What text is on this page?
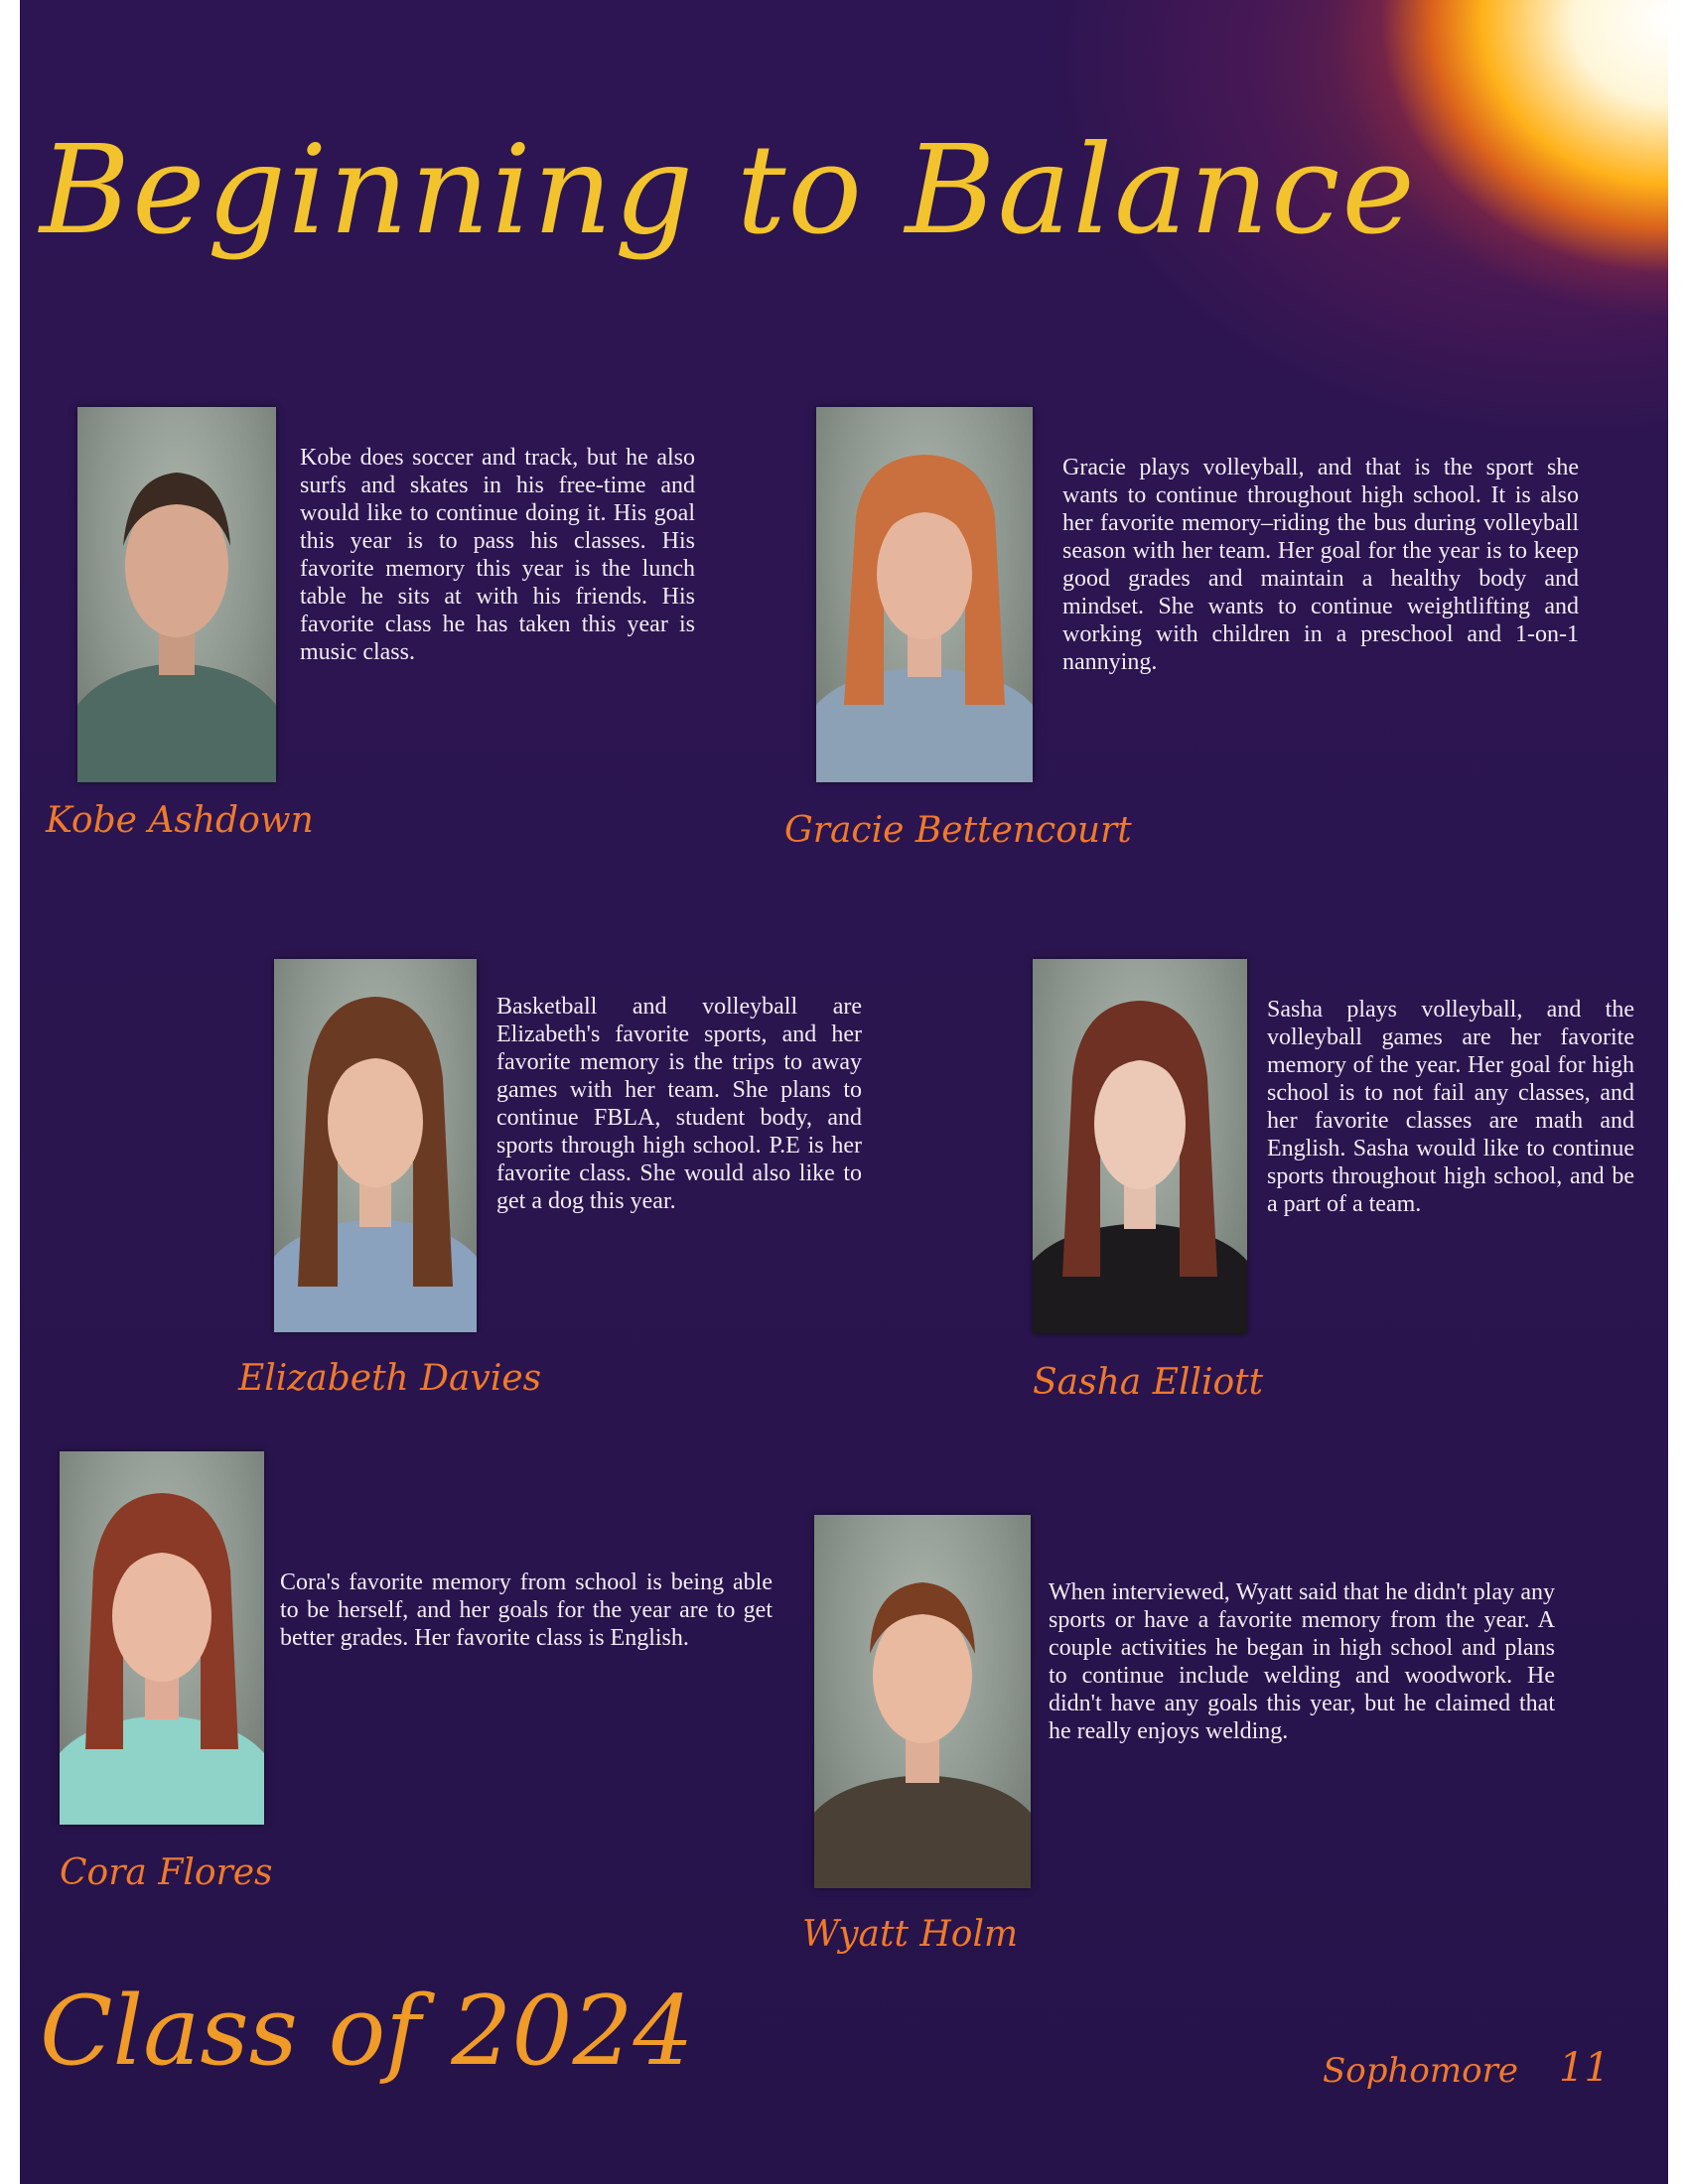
Beginning to Balance
Kobe does soccer and track, but he also surfs and skates in his free-time and would like to continue doing it. His goal this year is to pass his classes. His favorite memory this year is the lunch table he sits at with his friends. His favorite class he has taken this year is music class.
Kobe Ashdown
Gracie plays volleyball, and that is the sport she wants to continue throughout high school. It is also her favorite memory–riding the bus during volleyball season with her team. Her goal for the year is to keep good grades and maintain a healthy body and mindset. She wants to continue weightlifting and working with children in a preschool and 1-on-1 nannying.
Gracie Bettencourt
Basketball and volleyball are Elizabeth's favorite sports, and her favorite memory is the trips to away games with her team. She plans to continue FBLA, student body, and sports through high school. P.E is her favorite class. She would also like to get a dog this year.
Elizabeth Davies
Sasha plays volleyball, and the volleyball games are her favorite memory of the year. Her goal for high school is to not fail any classes, and her favorite classes are math and English. Sasha would like to continue sports throughout high school, and be a part of a team.
Sasha Elliott
Cora's favorite memory from school is being able to be herself, and her goals for the year are to get better grades. Her favorite class is English.
Cora Flores
When interviewed, Wyatt said that he didn't play any sports or have a favorite memory from the year. A couple activities he began in high school and plans to continue include welding and woodwork. He didn't have any goals this year, but he claimed that he really enjoys welding.
Wyatt Holm
Class of 2024	Sophomore 11
